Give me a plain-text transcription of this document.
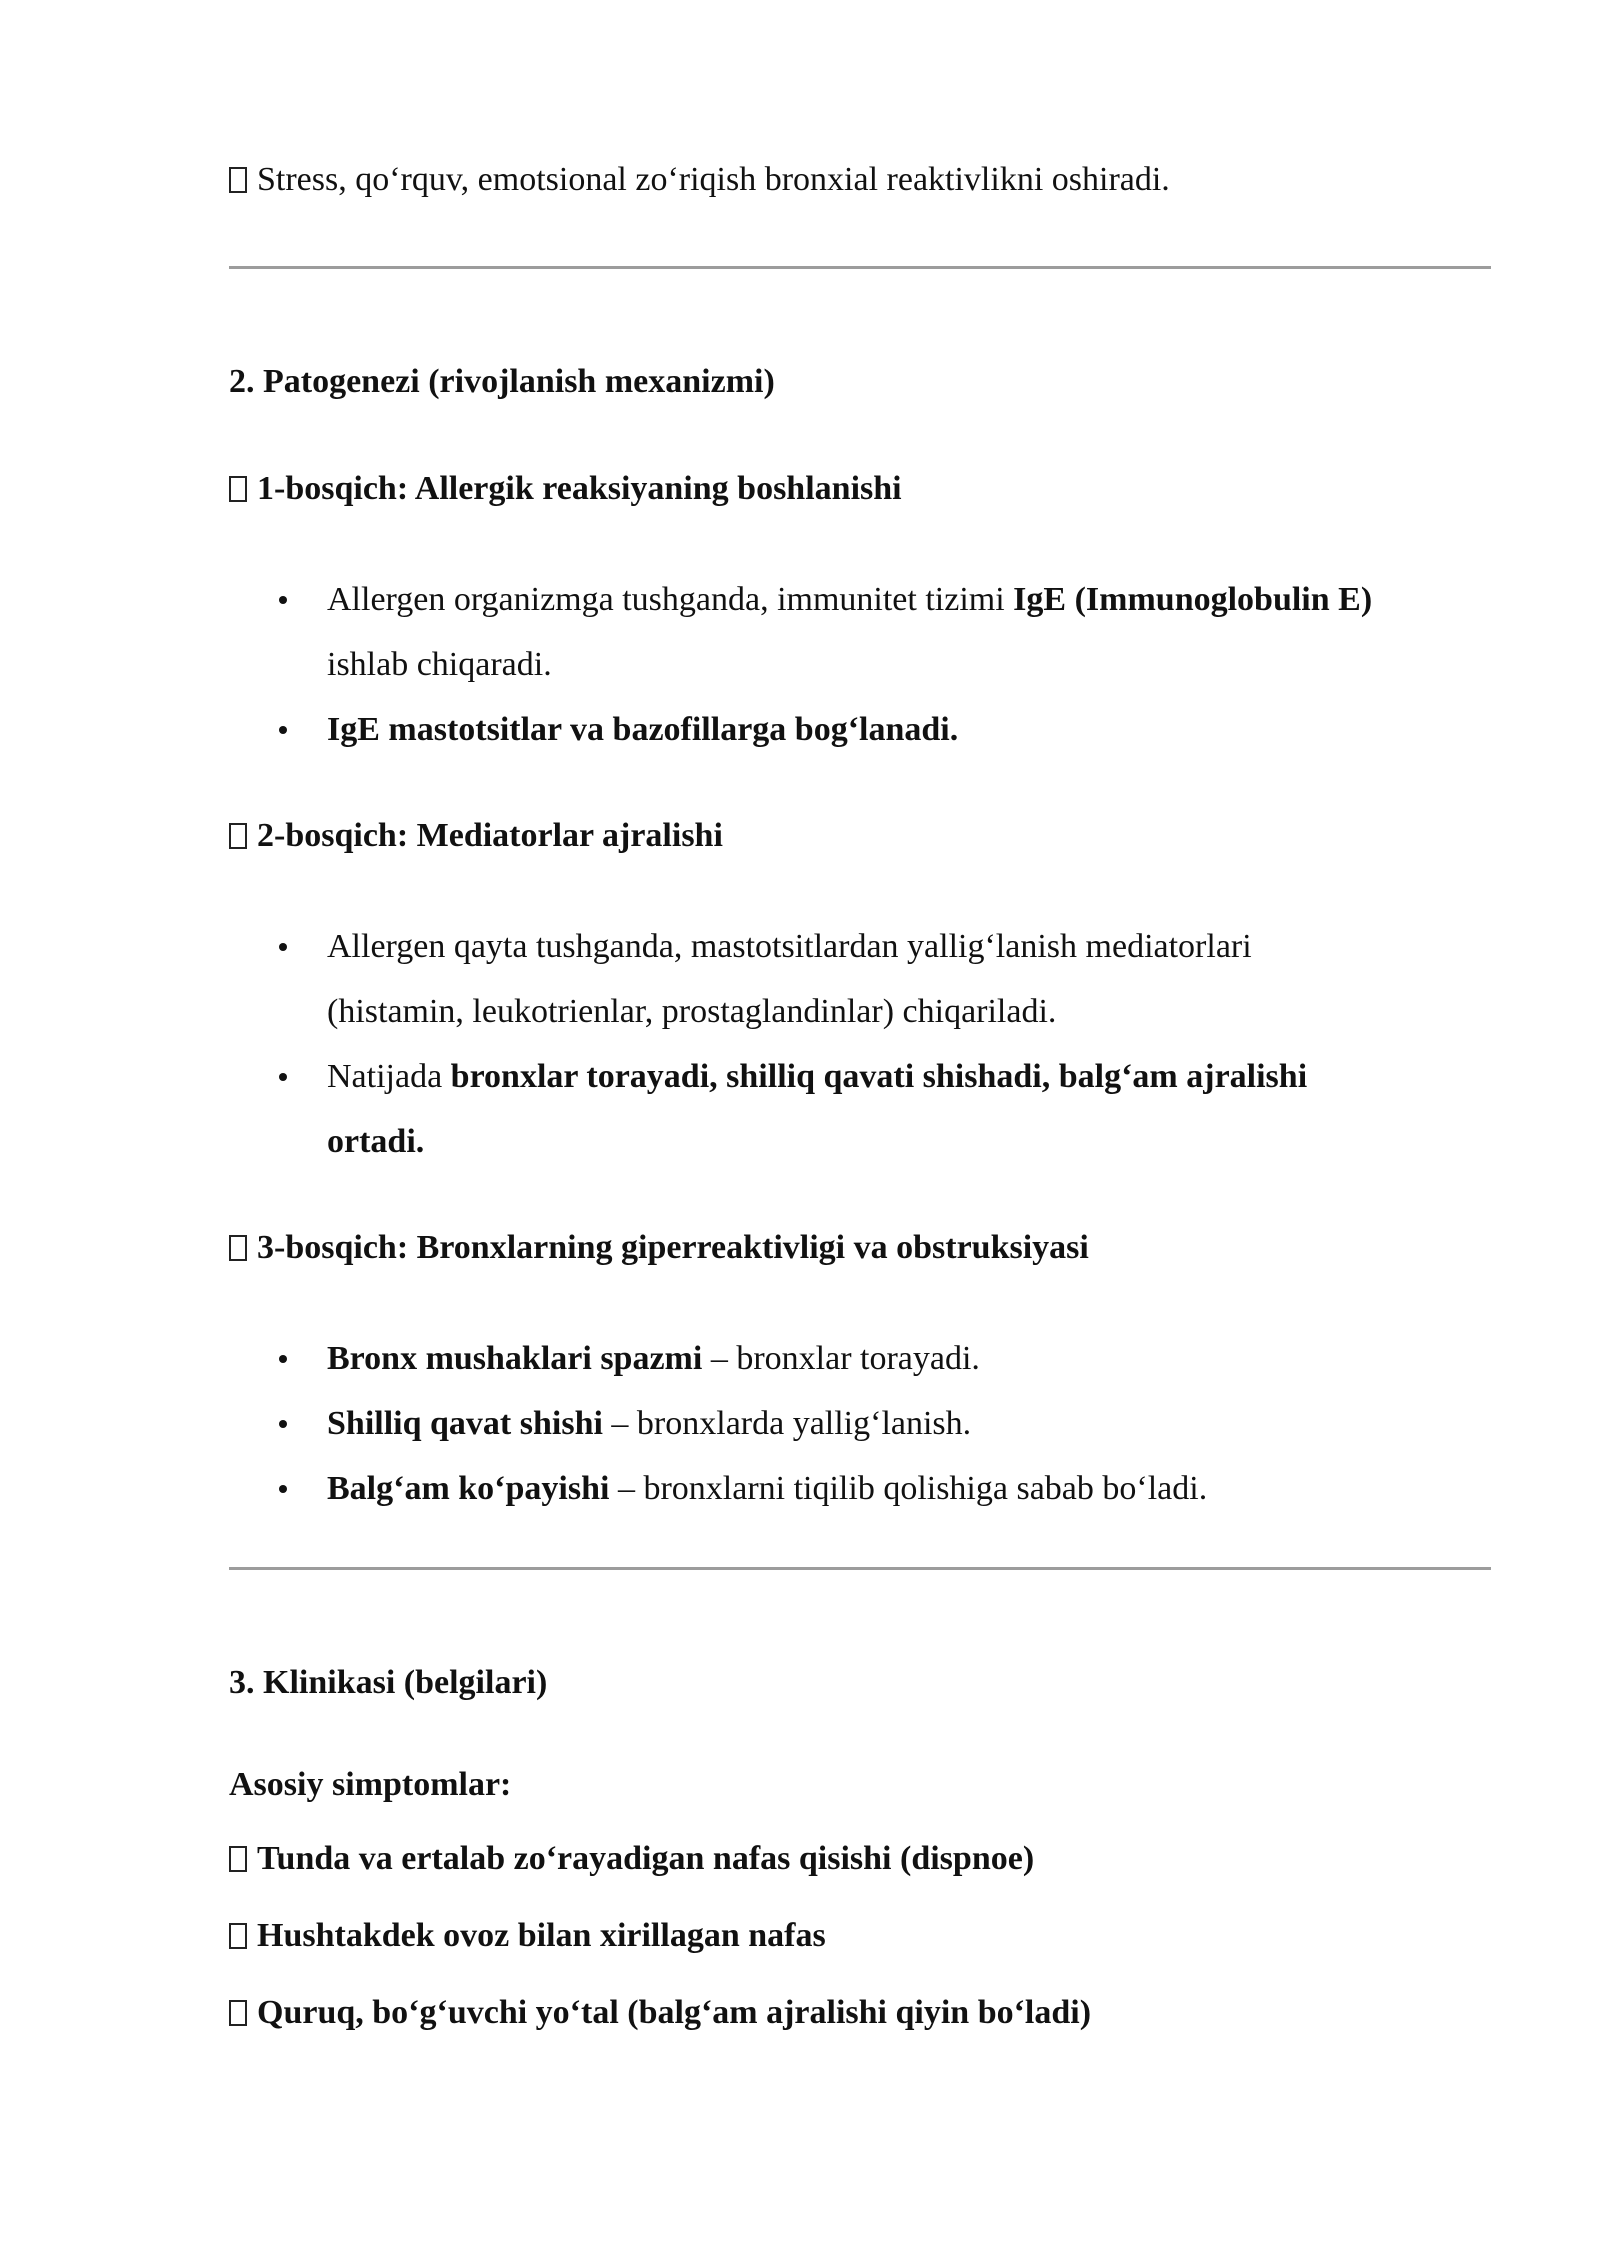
Stress, qo‘rquv, emotsional zo‘riqish bronxial reaktivlikni oshiradi.
2. Patogenezi (rivojlanish mexanizmi)
1-bosqich: Allergik reaksiyaning boshlanishi
Allergen organizmga tushganda, immunitet tizimi IgE (Immunoglobulin E)
ishlab chiqaradi.
IgE mastotsitlar va bazofillarga bog‘lanadi.
2-bosqich: Mediatorlar ajralishi
Allergen qayta tushganda, mastotsitlardan yallig‘lanish mediatorlari
(histamin, leukotrienlar, prostaglandinlar) chiqariladi.
Natijada bronxlar torayadi, shilliq qavati shishadi, balg‘am ajralishi
ortadi.
3-bosqich: Bronxlarning giperreaktivligi va obstruksiyasi
Bronx mushaklari spazmi – bronxlar torayadi.
Shilliq qavat shishi – bronxlarda yallig‘lanish.
Balg‘am ko‘payishi – bronxlarni tiqilib qolishiga sabab bo‘ladi.
3. Klinikasi (belgilari)
Asosiy simptomlar:
Tunda va ertalab zo‘rayadigan nafas qisishi (dispnoe)
Hushtakdek ovoz bilan xirillagan nafas
Quruq, bo‘g‘uvchi yo‘tal (balg‘am ajralishi qiyin bo‘ladi)
